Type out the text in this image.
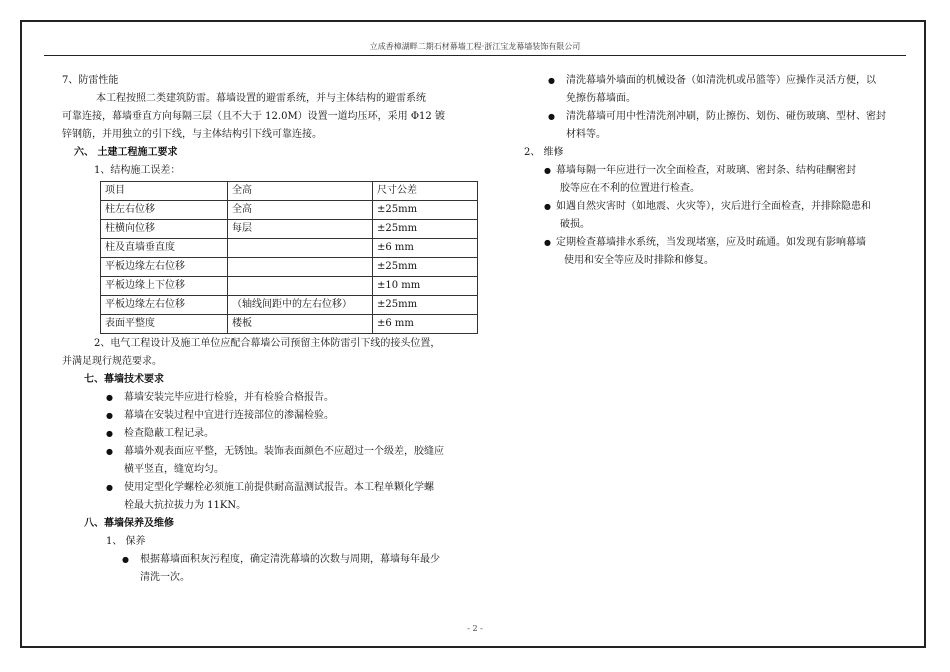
立成香樟湖畔二期石材幕墙工程·浙江宝龙幕墙装饰有限公司

7、防雷性能

本工程按照二类建筑防雷。幕墙设置的避雷系统，并与主体结构的避雷系统

可靠连接，幕墙垂直方向每隔三层（且不大于 12.0M）设置一道均压环，采用 Φ12 镀

锌钢筋，并用独立的引下线，与主体结构引下线可靠连接。

六、 土建工程施工要求

1、结构施工误差：

项目	全高	尺寸公差
柱左右位移	全高	±25mm
柱横向位移	每层	±25mm
柱及直墙垂直度		±6 mm
平板边缘左右位移		±25mm
平板边缘上下位移		±10 mm
平板边缘左右位移	（轴线间距中的左右位移）	±25mm
表面平整度	楼板	±6 mm

2、电气工程设计及施工单位应配合幕墙公司预留主体防雷引下线的接头位置，

并满足现行规范要求。

七、幕墙技术要求

●	幕墙安装完毕应进行检验，并有检验合格报告。
●	幕墙在安装过程中宜进行连接部位的渗漏检验。
●	检查隐蔽工程记录。
●	幕墙外观表面应平整，无锈蚀。装饰表面颜色不应超过一个级差，胶缝应
横平竖直，缝宽均匀。
●	使用定型化学螺栓必须施工前提供耐高温测试报告。本工程单颗化学螺
栓最大抗拉拔力为 11KN。

八、幕墙保养及维修

1、 保养

●	根据幕墙面积灰污程度，确定清洗幕墙的次数与周期，幕墙每年最少
清洗一次。
●	清洗幕墙外墙面的机械设备（如清洗机或吊篮等）应操作灵活方便，以
免擦伤幕墙面。
●	清洗幕墙可用中性清洗剂冲刷，防止擦伤、划伤、碰伤玻璃、型材、密封
材料等。

2、 维修

● 幕墙每隔一年应进行一次全面检查，对玻璃、密封条、结构硅酮密封
胶等应在不利的位置进行检查。
● 如遇自然灾害时（如地震、火灾等），灾后进行全面检查，并排除隐患和
破损。
● 定期检查幕墙排水系统，当发现堵塞，应及时疏通。如发现有影响幕墙
使用和安全等应及时排除和修复。
- 2 -
